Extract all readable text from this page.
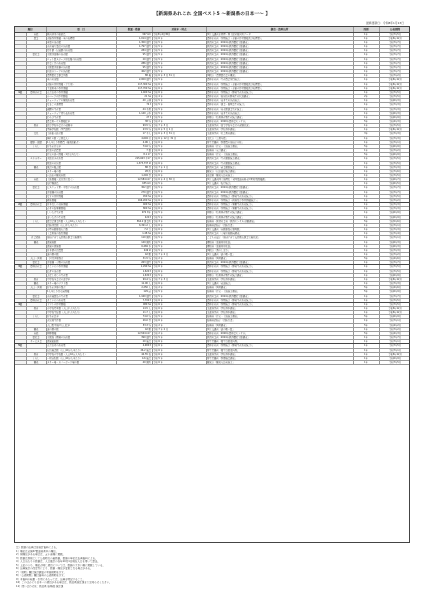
【新潟県あれこれ 全国ベスト5 ～新潟県の日本一～ 】
最終更新日：令和8年1月13日
順位		項　目	数量・数値	対象年・時点	調査・資料出所	周期	公表期間
	自然	県内河川の総延長	347 km	令和3年4月30日	国土交通省水管理・国土保全局河川データ	1年	令和7年5月
	農業	水稲作付面積・米の収穫量	1,014 億円	令和 6 年	農林水産省「作物統計（水稲の作付面積及び収穫量）」	1年	令和6年12月
		米菓の出荷額	1,300 億円	令和 5 年	経済産業省「2024年経済構造実態調査」	1年	令和7年7月
		水産練り製品の出荷額	1,797 億円	令和 5 年	経済産業省「2024年経済構造実態調査」	1年	令和7年7月
		切り餅・包装餅の出荷額	284 億円	令和 5 年	経済産業省「2024年経済構造実態調査」	1年	令和7年7月
	製造業	金属洋食器の出荷額	95 億円	令和 5 年	経済産業省「2024年経済構造実態調査」	1年	令和7年7月
		ニット製スポーツ用衣服の出荷額	20 億円	令和 5 年	経済産業省「2024年経済構造実態調査」	1年	令和7年7月
		作業工具の出荷額	286 億円	令和 5 年	経済産業省「2024年経済構造実態調査」	1年	令和7年7月
		金属製洋食器の出荷額	95 億円	令和 5 年	経済産業省「2024年経済構造実態調査」	1年	令和7年7月
		石油ストーブの出荷額	402 億円	令和 5 年	経済産業省「2024年経済構造実態調査」	1年	令和7年7月
		清酒製造業事業所数	88 場	令和 6 年 3 月 31 日	国税庁「清酒製造業の概況」	1年	令和7年2月
		米の産出額	2,009 億円	令和 5 年	農林水産省「生産農業所得統計」	1年	令和6年12月
		水稲の作付面積（子実用）	117,300 ha	令和 6 年	農林水産省「作物統計（水稲の作付面積及び収穫量）」	1年	令和6年12月
		主食用米の作付面積	117,700 ha	令和 6 年	農林水産省「作物統計（水稲の作付面積及び収穫量）」	1年	令和6年12月
1位	農林水産業	えだまめの作付面積	1,400 ha	令和 6 年	農林水産省「作物統計（野菜生産出荷統計）」	1年	令和7年5月
		ルバーブの作付面積	21 ha	令和 4 年	農林水産省「地域特産野菜生産状況調査」	2年	令和7年5月
		チューリップの球根出荷量	40 万球	令和 5 年	農林水産省「花き生産出荷統計」	1年	令和6年3月
		なまこの漁獲量	74 t	令和 5 年	農林水産省「漁業・養殖業生産統計」	1年	令和7年3月
		錦鯉の生産量	44 千尾	令和 5 年	農林水産省「内水面漁業生産統計」	1年	令和7年3月
		チューリップ切り花出荷量	1,140 万本	令和 5 年	農林水産省「花き生産出荷統計」	1年	令和6年3月
		わらび生産量	27 t	令和 5 年	林野庁「特用林産物生産統計調査」	1年	令和6年9月
		農業用ハウス面積比率	38 ％	令和 2 年	農林水産省「2020年農林業センサス」	5年	令和4年3月
	教育	高等学校卒業者の就職率	99.5 ％	令和 7 年 3 月	文部科学省「高等学校卒業者の就職状況」	1年	令和7年5月
		専修学校数（専門課程）	23.5 ％	令和 6 年 5 月 1 日	文部科学省「学校基本調査」	1年	令和6年12月
	文化	美術館入館者数	17 千人	令和 6 年 3 月 31 日	文部科学省「社会教育調査」	3年	令和7年3月
		神社の数（宗教法人）	4,694 社	令和 6 年 12 月 31 日	文化庁「宗教年鑑」	1年	令和7年3月
	健康・保健	1人当たり医療費（後期高齢者）	4.96 人	令和 6 年	厚生労働省「医療費の地域差分析」	1年	令和7年1月
	くらし	持ち家住宅率	74.6 ％	令和 5 年	総務省「住宅・土地統計調査」	5年	令和6年9月
		灯油の消費量	7 数	令和 6 年	総務省「家計調査」	1年	令和7年2月
		住宅の延べ面積（1住宅当たり）	8.1 m²	令和 5 年	総務省「住宅・土地統計調査」	5年	令和6年9月
	エネルギー	天然ガス産出量	215,623 千m³	令和 6 年	経済産業省「生産動態統計調査」	1年	令和7年5月
		原油の産出量	1,373,737 kl	令和 6 年	経済産業省「生産動態統計調査」	1年	令和7年5月
	観光	魚沼の販売額	88 件	令和 7 年 1 月	経済産業省「商業動態統計」	1年	令和7年3月
		スキー場の数	28 所	令和 6 年	観光庁「宿泊旅行統計調査」	1年	令和7年6月
		八海山の観光客数	1,294 件	令和 6 年	新潟県「観光入込客統計」	1年	令和7年5月
	自然	土地面積（北方領土除く）	12,584 km²	令和 6 年 4 月 30 日	国土交通省国土地理院「全国都道府県市区町村別面積調」	1年	令和6年7月
		海岸線延長	635 km	令和 5 年	国土交通省「海岸統計」	1年	令和6年5月
	製造業	ビスケット類・干菓子の出荷額	302 億円	令和 5 年	経済産業省「2024年経済構造実態調査」	1年	令和7年7月
		洋食器の出荷額	270 億円	令和 5 年	経済産業省「2024年経済構造実態調査」	1年	令和7年7月
		なすの作付面積	450 ha	令和 6 年	農林水産省「作物統計（野菜生産出荷統計）」	1年	令和7年5月
		耕地面積	166,200 ha	令和 6 年	農林水産省「作物統計（耕地及び作付面積統計）」	1年	令和7年2月
2位	農林水産業	日本なしの栽培面積	400 ha	令和 6 年	農林水産省「作物統計（果樹生産出荷統計）」	1年	令和7年3月
		かきの結果樹面積	800 ha	令和 6 年	農林水産省「作物統計（果樹生産出荷統計）」	1年	令和7年3月
		しいたけ生産量	972 t/年	令和 5 年	林野庁「特用林産物生産統計調査」	1年	令和6年9月
		まいたけの生産量	420 t	令和 5 年	林野庁「特用林産物生産統計調査」	1年	令和6年9月
	くらし	建設業事業所数（人口10万人当たり）	564.2 事業所	令和 3 年	総務省・経済産業省「経済センサス‐活動調査」	5年	令和5年6月
		消防団員数（人口千人当たり）	6,321.2 人	令和 6 年	総務省消防庁「消防白書」	1年	令和7年1月
		小型自動車保有台数	7.2 台	令和 6 年	国土交通省「自動車保有車両数」	1年	令和7年3月
		工業用地の取得面積	1.48 ha	令和 6 年	経済産業省「工場立地動向調査」	1年	令和7年4月
	社会福祉	地域子育て支援拠点事業実施箇所	110 箇所	令和 5 年	こども家庭庁「地域子育て支援拠点事業実施状況」	1年	令和7年1月
	観光	温泉地数	149 箇所	令和 5 年	環境省「温泉利用状況」	1年	令和6年3月
		温泉の源泉数	6,469 本	令和 5 年	環境省「温泉利用状況」	1年	令和6年3月
		日本酒の消費量	449 kl	令和 5 年	国税庁「酒のしおり」	1年	令和7年3月
		道の駅の数	42 駅	令和 7 年 2 月	国土交通省「道の駅一覧」	1年	令和7年2月
	人口・世帯	三世代世帯割合	31.5 ％	令和 2 年	総務省「国勢調査」	5年	令和4年6月
	製造業	洋食器・刃物の出荷額	263 億円	令和 5 年	経済産業省「2024年経済構造実態調査」	1年	令和7年7月
3位	農林水産業	さといもの作付面積	1,290 ha	令和 6 年	農林水産省「作物統計（野菜生産出荷統計）」	1年	令和7年5月
		ねぎの出荷量	1,620 t	令和 6 年	農林水産省「作物統計（野菜生産出荷統計）」	1年	令和7年5月
		ぶなしめじの生産量	1,630 t	令和 5 年	林野庁「特用林産物生産統計調査」	1年	令和6年9月
	教育	中学校卒業者の進学率	99.4 ％	令和 7 年 3 月	文部科学省「学校基本調査」	1年	令和6年12月
	観光	スキー場のリフト数	11.00 人	令和 6 年	国土交通省「索道統計」	1年	令和7年3月
	人口・世帯	持ち家世帯の割合	2,250 人	令和 2 年	総務省「国勢調査」	5年	令和4年6月
		1人当たり住宅床面積	129 ㎡	令和 5 年	総務省「住宅・土地統計調査」	5年	令和6年9月
	製造業	水産練製品の生産量	1,160 億円	令和 5 年	経済産業省「2024年経済構造実態調査」	1年	令和7年7月
	農林水産業	さといもの出荷量	7,700 t	令和 6 年	農林水産省「作物統計（野菜生産出荷統計）」	1年	令和7年5月
4位		トマトの作付面積	480 ha	令和 6 年	農林水産省「作物統計（野菜生産出荷統計）」	1年	令和7年5月
	教育	小学校児童数（人口千人当たり）	14.5 人	令和 6 年	文部科学省「学校基本調査」	1年	令和6年12月
		中学校生徒数（人口千人当たり）	11.7 人	令和 6 年	文部科学省「学校基本調査」	1年	令和6年12月
	くらし	持ち家比率	74.0 ％	令和 5 年	総務省「住宅・土地統計調査」	5年	令和6年9月
		火災発生件数	26.0 件	令和 6 年	総務省消防庁「消防白書」	1年	令和7年1月
		人口集中地区人口比率	53.3 ％	令和 2 年	総務省「国勢調査」	5年	令和4年2月
	観光	道の駅の数	42 駅	令和 7 年 2 月	国土交通省「道の駅一覧」	1年	令和7年2月
	自然	林野面積	12,504 km²	令和 2 年	農林水産省「2020年農林業センサス」	5年	令和4年3月
	製造業	金属加工機械の出荷額	390 億円	令和 5 年	経済産業省「2024年経済構造実態調査」	1年	令和7年7月
	サービス業	温泉旅館数	20 施設	令和 6 年	厚生労働省「衛生行政報告例」	1年	令和7年1月
5位		えだまめの出荷量	4,900 t	令和 6 年	農林水産省「作物統計（野菜生産出荷統計）」	1年	令和7年5月
		宿泊施設数（人口10万人当たり）	26.2 施設	令和 6 年	厚生労働省「衛生行政報告例」	1年	令和7年1月
	教育	中学校の学校数（人口10万人当たり）	44.55 校	令和 6 年	文部科学省「学校基本調査」	1年	令和6年12月
	くらし	一般病院数（人口10万人当たり）	4.6 施設	令和 5 年	厚生労働省「医療施設調査」	1年	令和6年9月
	観光	スキー場・スノーボード場の数	40 箇所	令和 6 年	観光庁「観光入込客統計」	1年	令和7年5月
注）数値の出典は各統計資料による。
1）順位は全国47都道府県中の順位。
2）同順位がある場合は、五十音順に掲載。
3）数値は原則として公表時点の最新値。数値の単位は出典資料による。
4）人口当たりの数値は、人口推計の各年10月1日現在人口を用いて算出。
5）上記のうち、順位が同じ項目については、数値の大きい順に掲載している。
6）出典統計の改定等により、数値・順位が変更となる場合がある。
7）「周期」欄は統計調査の実施周期を示す。
8）「公表期間」欄は資料の公表時期を示す。
9）本資料の転載・引用にあたっては、出典を明記すること。
10）このほかにも日本一の項目がある場合は、新潟県統計課までお知らせください。
11）問い合わせ先：新潟県 総務部 統計課
